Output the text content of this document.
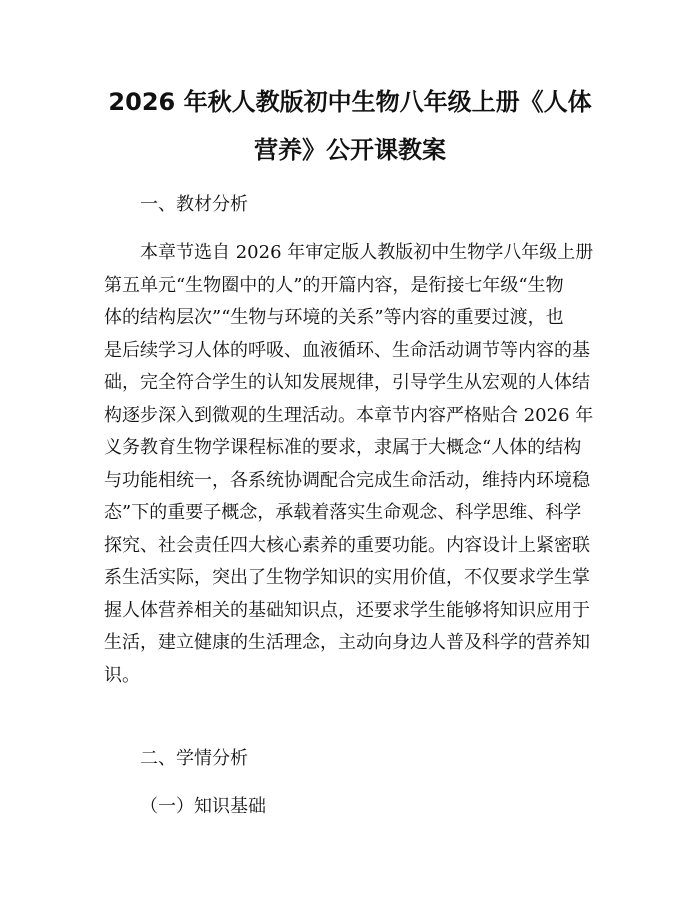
2026 年秋人教版初中生物八年级上册《人体
营养》公开课教案
一、教材分析
本章节选自 2026 年审定版人教版初中生物学八年级上册
第五单元“生物圈中的人”的开篇内容，是衔接七年级“生物
体的结构层次”“生物与环境的关系”等内容的重要过渡，也
是后续学习人体的呼吸、血液循环、生命活动调节等内容的基
础，完全符合学生的认知发展规律，引导学生从宏观的人体结
构逐步深入到微观的生理活动。本章节内容严格贴合 2026 年
义务教育生物学课程标准的要求，隶属于大概念“人体的结构
与功能相统一，各系统协调配合完成生命活动，维持内环境稳
态”下的重要子概念，承载着落实生命观念、科学思维、科学
探究、社会责任四大核心素养的重要功能。内容设计上紧密联
系生活实际，突出了生物学知识的实用价值，不仅要求学生掌
握人体营养相关的基础知识点，还要求学生能够将知识应用于
生活，建立健康的生活理念，主动向身边人普及科学的营养知
识。
二、学情分析
（一）知识基础
